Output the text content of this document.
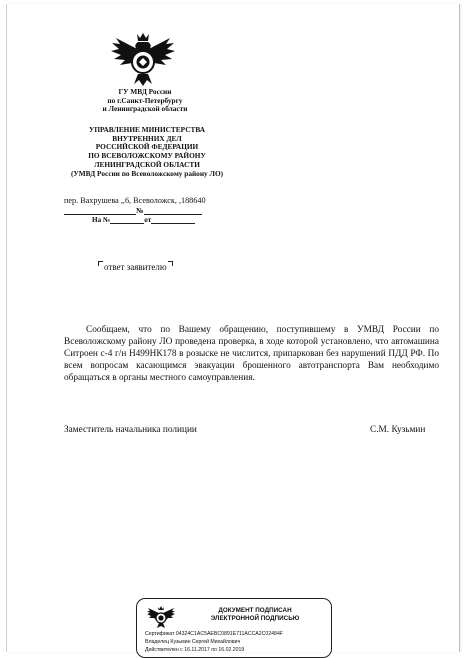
ГУ МВД России
по г.Санкт-Петербургу
и Ленинградской области
УПРАВЛЕНИЕ МИНИСТЕРСТВА
ВНУТРЕННИХ ДЕЛ
РОССИЙСКОЙ ФЕДЕРАЦИИ
ПО ВСЕВОЛОЖСКОМУ РАЙОНУ
ЛЕНИНГРАДСКОЙ ОБЛАСТИ
(УМВД России по Всеволожскому району ЛО)
пер. Вахрушева ,,6, Всеволожск, ,188640
№
На №	от
ответ заявителю
Сообщаем, что по Вашему обращению, поступившему в УМВД России по Всеволожскому району ЛО проведена проверка, в ходе которой установлено, что автомашина Ситроен с-4 г/н Н499НК178 в розыске не числится, припаркован без нарушений ПДД РФ. По всем вопросам касающимся эвакуации брошенного автотранспорта Вам необходимо обращаться в органы местного самоуправления.
Заместитель начальника полиции	С.М. Кузьмин
ДОКУМЕНТ ПОДПИСАН
ЭЛЕКТРОННОЙ ПОДПИСЬЮ
Сертификат 04324C1AC5AEBC0891E711ACCA2C02484F
Владелец Кузьмин Сергей Михайлович
Действителен с 16.11.2017 по 16.02.2019
